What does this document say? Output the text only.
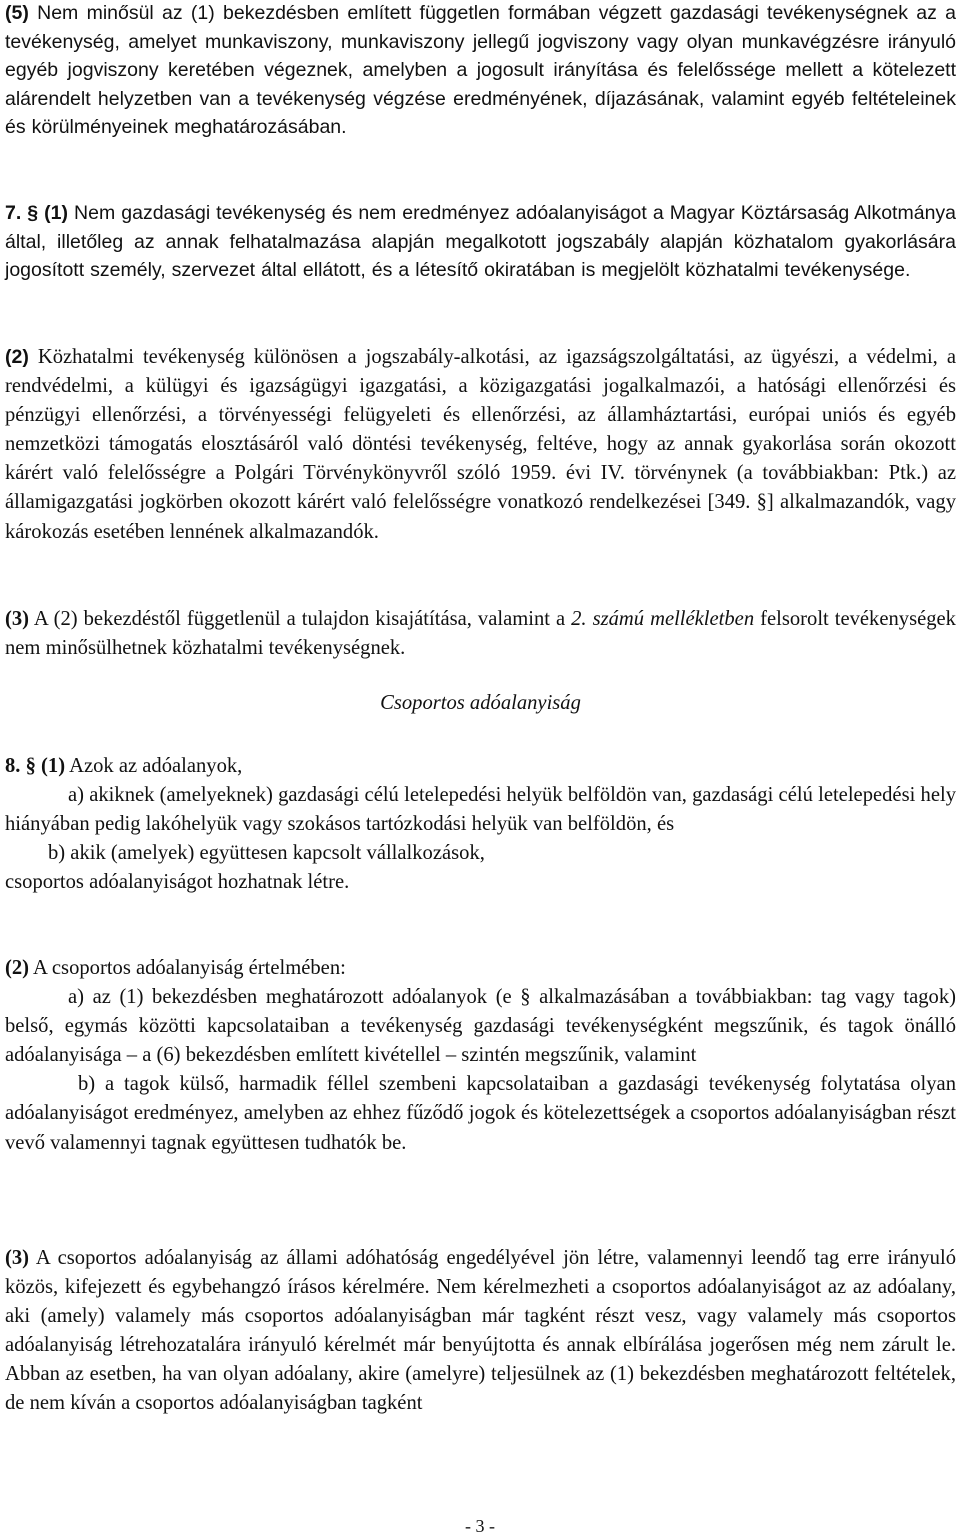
(5) Nem minősül az (1) bekezdésben említett független formában végzett gazdasági tevékenységnek az a tevékenység, amelyet munkaviszony, munkaviszony jellegű jogviszony vagy olyan munkavégzésre irányuló egyéb jogviszony keretében végeznek, amelyben a jogosult irányítása és felelőssége mellett a kötelezett alárendelt helyzetben van a tevékenység végzése eredményének, díjazásának, valamint egyéb feltételeinek és körülményeinek meghatározásában.

7. § (1) Nem gazdasági tevékenység és nem eredményez adóalanyiságot a Magyar Köztársaság Alkotmánya által, illetőleg az annak felhatalmazása alapján megalkotott jogszabály alapján közhatalom gyakorlására jogosított személy, szervezet által ellátott, és a létesítő okiratában is megjelölt közhatalmi tevékenysége.

(2) Közhatalmi tevékenység különösen a jogszabály-alkotási, az igazságszolgáltatási, az ügyészi, a védelmi, a rendvédelmi, a külügyi és igazságügyi igazgatási, a közigazgatási jogalkalmazói, a hatósági ellenőrzési és pénzügyi ellenőrzési, a törvényességi felügyeleti és ellenőrzési, az államháztartási, európai uniós és egyéb nemzetközi támogatás elosztásáról való döntési tevékenység, feltéve, hogy az annak gyakorlása során okozott kárért való felelősségre a Polgári Törvénykönyvről szóló 1959. évi IV. törvénynek (a továbbiakban: Ptk.) az államigazgatási jogkörben okozott kárért való felelősségre vonatkozó rendelkezései [349. §] alkalmazandók, vagy károkozás esetében lennének alkalmazandók.

(3) A (2) bekezdéstől függetlenül a tulajdon kisajátítása, valamint a 2. számú mellékletben felsorolt tevékenységek nem minősülhetnek közhatalmi tevékenységnek.

Csoportos adóalanyiság

8. § (1) Azok az adóalanyok,

a) akiknek (amelyeknek) gazdasági célú letelepedési helyük belföldön van, gazdasági célú letelepedési hely hiányában pedig lakóhelyük vagy szokásos tartózkodási helyük van belföldön, és

b) akik (amelyek) együttesen kapcsolt vállalkozások,

csoportos adóalanyiságot hozhatnak létre.

(2) A csoportos adóalanyiság értelmében:

a) az (1) bekezdésben meghatározott adóalanyok (e § alkalmazásában a továbbiakban: tag vagy tagok) belső, egymás közötti kapcsolataiban a tevékenység gazdasági tevékenységként megszűnik, és tagok önálló adóalanyisága – a (6) bekezdésben említett kivétellel – szintén megszűnik, valamint

b) a tagok külső, harmadik féllel szembeni kapcsolataiban a gazdasági tevékenység folytatása olyan adóalanyiságot eredményez, amelyben az ehhez fűződő jogok és kötelezettségek a csoportos adóalanyiságban részt vevő valamennyi tagnak együttesen tudhatók be.

(3) A csoportos adóalanyiság az állami adóhatóság engedélyével jön létre, valamennyi leendő tag erre irányuló közös, kifejezett és egybehangzó írásos kérelmére. Nem kérelmezheti a csoportos adóalanyiságot az az adóalany, aki (amely) valamely más csoportos adóalanyiságban már tagként részt vesz, vagy valamely más csoportos adóalanyiság létrehozatalára irányuló kérelmét már benyújtotta és annak elbírálása jogerősen még nem zárult le. Abban az esetben, ha van olyan adóalany, akire (amelyre) teljesülnek az (1) bekezdésben meghatározott feltételek, de nem kíván a csoportos adóalanyiságban tagként

- 3 -
